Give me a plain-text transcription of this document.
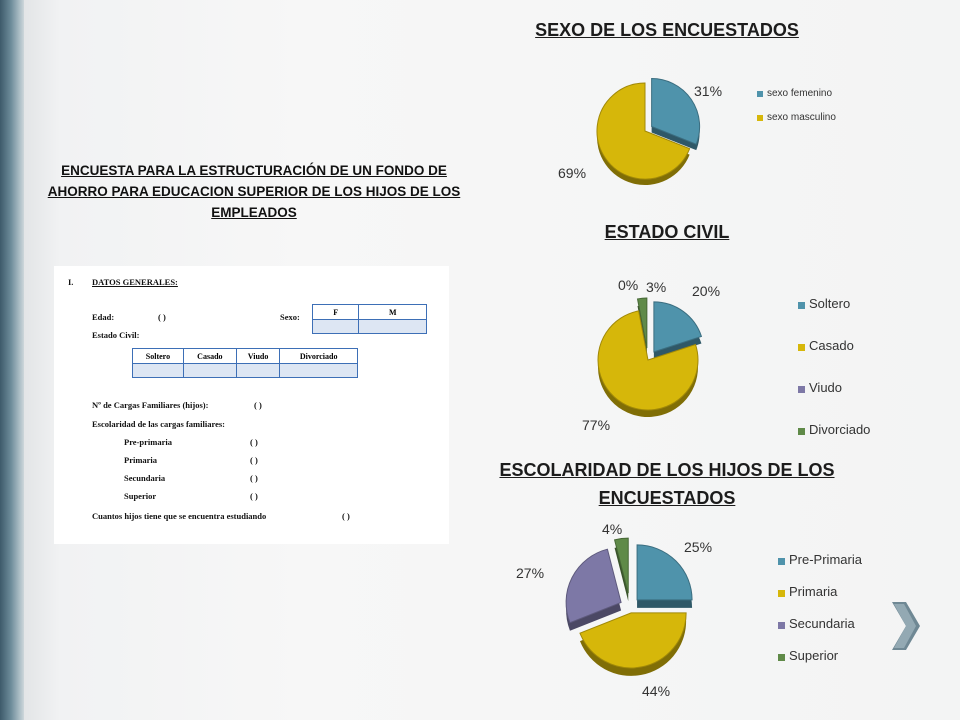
ENCUESTA PARA LA ESTRUCTURACIÓN DE UN FONDO DE AHORRO PARA EDUCACION SUPERIOR DE LOS HIJOS DE LOS EMPLEADOS
I. DATOS GENERALES:
Edad:	( )	Sexo:	F	M

Estado Civil:
Soltero	Casado	Viudo	Divorciado

Nº de Cargas Familiares (hijos):	( )
Escolaridad de las cargas familiares:
Pre-primaria	( )
Primaria	( )
Secundaria	( )
Superior	( )
Cuantos hijos tiene que se encuentra estudiando	( )
SEXO DE LOS ENCUESTADOS
ESTADO CIVIL
ESCOLARIDAD DE LOS HIJOS DE LOS ENCUESTADOS
31%
69%
sexo femenino
sexo masculino
20%
77%
0% 3%
Soltero
Casado
Viudo
Divorciado
25%
44%
27%
4%
Pre-Primaria
Primaria
Secundaria
Superior
